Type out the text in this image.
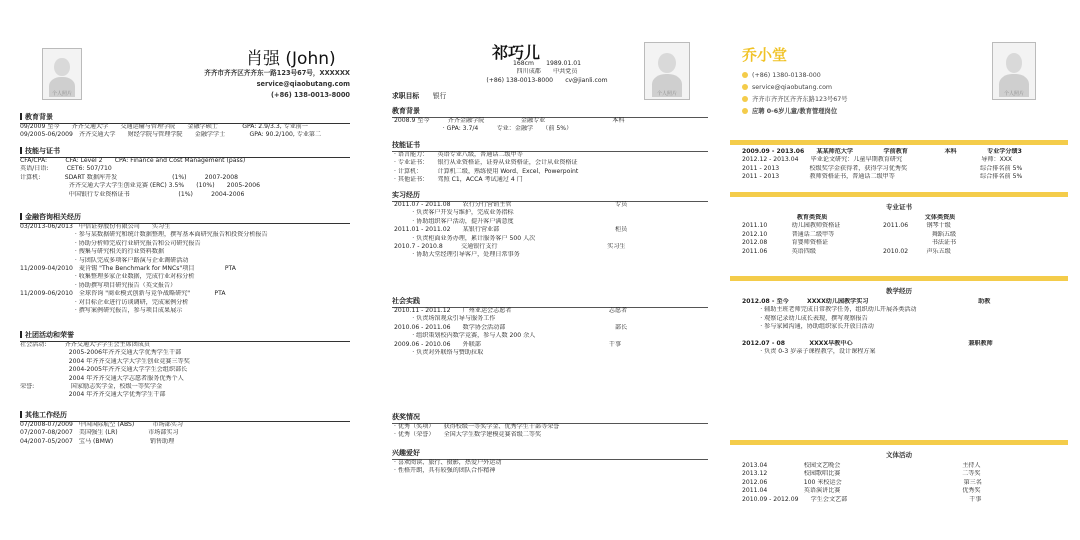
个人照片
肖强 (John)
齐齐市齐齐区齐齐东一路123号67号，XXXXXX
service@qiaobutang.com
(+86) 138-0013-8000
教育背景
09/2009 至今　　齐齐交通大学　　交通运输与管理学院　　金融学硕士　　　　GPA: 2.9/3.3, 专业前一
09/2005-06/2009　齐齐交通大学　　财经学院与管理学院　　金融学学士　　　　GPA: 90.2/100, 专业第二
技能与证书
CFA/CPA:　　　CFA: Level 2　　CPA: Finance and Cost Management (pass)
英语/日语:　　　CET6: 507/710
计算机:　　　　SDART 数据库开发　　　　　　　　　(1%)　　　2007-2008
　　　　　　　　齐齐交通大学大学生创业竞赛 (ERC) 3.5%　　(10%)　　2005-2006
　　　　　　　　中国银行专业资格证书　　　　　　　　(1%)　　　2004-2006
金融咨询相关经历
03/2013-06/2013　中信证券股份有限公司　　实习生
　　　　　　　　　· 参与某数据研究和统计数据整理，撰写基本面研究报告和投资分析报告
　　　　　　　　　· 协助分析师完成行业研究报告和公司研究报告
　　　　　　　　　· 搜集与研究相关的行业资料数据
　　　　　　　　　· 与团队完成多项客户路演与企业调研活动
11/2009-04/2010　麦肯锡 "The Benchmark for MNCs"项目　　　　　PTA
　　　　　　　　　· 收集整理多家企业数据，完成行业对标分析
　　　　　　　　　· 协助撰写项目研究报告（英文报告）
11/2009-06/2010　全球咨询 "商业模式创新与竞争战略研究"　　　　PTA
　　　　　　　　　· 对目标企业进行访谈调研，完成案例分析
　　　　　　　　　· 撰写案例研究报告，参与项目成果展示
社团活动和荣誉
社会活动:　　　齐齐交通大学学生会主席团成员
　　　　　　　　2005-2006年齐齐交通大学优秀学生干部
　　　　　　　　2004 年齐齐交通大学大学生创业竞赛三等奖
　　　　　　　　2004-2005年齐齐交通大学学生会组织部长
　　　　　　　　2004 年齐齐交通大学志愿者服务优秀个人
荣誉:　　　　　　国家励志奖学金，校级一等奖学金
　　　　　　　　2004 年齐齐交通大学优秀学生干部
其他工作经历
07/2008-07/2009　中国国际航空 (ABS)　　　市场部实习
07/2007-08/2007　美国强生 (LR)　　　　　市场部实习
04/2007-05/2007　宝马 (BMW)　　　　　　销售助理
祁巧儿
168cm　　1989.01.01
四川成都　　中共党员
(+86) 138-0013-8000　　cv@jianli.com
个人照片
求职目标　　 银行
教育背景
2008.9 至今　　　齐齐金融学院　　　　　　金融专业　　　　　　　　　　　本科
　　　　　　　　· GPA: 3.7/4　　　专业：金融学　　（前 5%）
技能证书
· 语言能力：　　英语专业八级，普通话二级甲等
· 专业证书：　　银行从业资格证，证券从业资格证，会计从业资格证
· 计算机：　　　计算机二级，熟练使用 Word、Excel、Powerpoint
· 其他证书：　　驾照 C1，ACCA 考试通过 4 门
实习经历
2011.07 - 2011.08　　农行分行营销主管　　　　　　　　　　　　　　　　　专员
　　　· 负责客户开发与维护，完成业务指标
　　　· 协助组织客户活动，提升客户满意度
2011.01 - 2011.02　　某银行营业部　　　　　　　　　　　　　　　　　　　柜员
　　　· 负责柜面业务办理，累计服务客户 500 人次
2010.7 - 2010.8　　　交通银行支行　　　　　　　　　　　　　　　　　　实习生
　　　· 协助大堂经理引导客户，处理日常事务
社会实践
2010.11 - 2011.12　　广州亚运会志愿者　　　　　　　　　　　　　　　　志愿者
　　　· 负责场馆观众引导与服务工作
2010.06 - 2011.06　　数学协会活动部　　　　　　　　　　　　　　　　　　部长
　　　· 组织策划校内数学竞赛，参与人数 200 余人
2009.06 - 2010.06　　外联部　　　　　　　　　　　　　　　　　　　　　干事
　　　· 负责对外联络与赞助拉取
获奖情况
· 优秀（奖项）　　获得校级一等奖学金、优秀学生干部等荣誉
· 优秀（荣誉）　　全国大学生数学建模竞赛省级二等奖
兴趣爱好
· 喜欢阅读、旅行、摄影，热爱户外运动
· 性格开朗，具有较强的团队合作精神
乔小堂
(+86) 1380-0138-000
service@qiaobutang.com
齐齐市齐齐区齐齐东路123号67号
应聘 0-6岁儿童/教育管理岗位
个人照片
2009.09 - 2013.06　　某某师范大学　　　　　学前教育　　　　　　本科　　　　　专业学分绩3
2012.12 - 2013.04　　毕业论文研究：儿童早期教育研究　　　　　　　　　　　　　导师：XXX
2011 - 2013　　　　　校级奖学金获得者，获得学习优秀奖　　　　　　　　　　　　综合排名前 5%
2011 - 2013　　　　　教师资格证书，普通话二级甲等　　　　　　　　　　　　　　综合排名前 5%
专业证书
　　　　　　　　　教育类资质　　　　　　　　　　　　　　　　文体类资质
2011.10　　　　幼儿园教师资格证　　　　　　　2011.06　　　钢琴十级
2012.10　　　　普通话二级甲等　　　　　　　　　　　　　　　　舞蹈五级
2012.08　　　　育婴师资格证　　　　　　　　　　　　　　　　　书法证书
2011.06　　　　英语四级　　　　　　　　　　　2010.02　　　声乐五级
教学经历
2012.08 - 至今　　　XXXX幼儿园教学实习　　　　　　　　　　　　　　　　　　助教
　　　· 辅助主班老师完成日常教学任务，组织幼儿开展各类活动
　　　· 观察记录幼儿成长表现，撰写观察报告
　　　· 参与家园沟通，协助组织家长开放日活动
2012.07 - 08　　　　XXXX早教中心　　　　　　　　　　　　　　　　　　　兼职教师
　　　· 负责 0-3 岁亲子课程教学，设计课程方案
文体活动
2013.04　　　　　　校园文艺晚会　　　　　　　　　　　　　　　　　　　　主持人
2013.12　　　　　　校园歌唱比赛　　　　　　　　　　　　　　　　　　　　二等奖
2012.06　　　　　　100 米校运会　　　　　　　　　　　　　　　　　　　　第三名
2011.04　　　　　　英语演讲比赛　　　　　　　　　　　　　　　　　　　　优秀奖
2010.09 - 2012.09　　学生会文艺部　　　　　　　　　　　　　　　　　　　　干事
